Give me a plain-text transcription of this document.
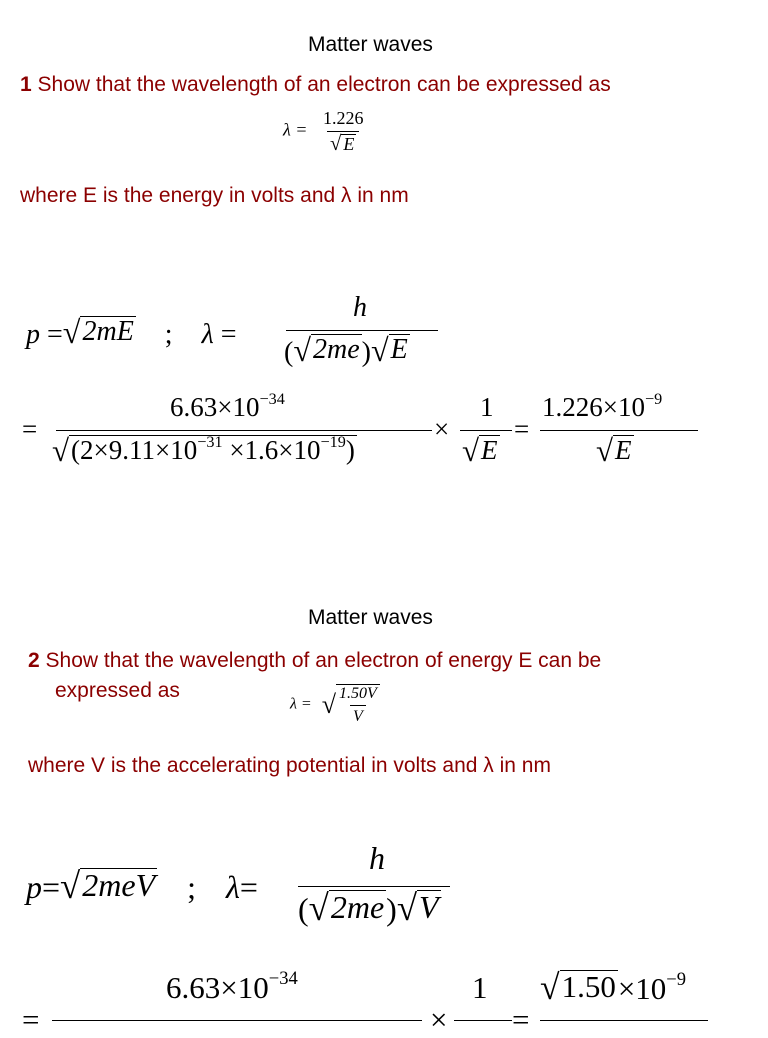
Matter waves
1 Show that the wavelength of an electron can be expressed as
$\lambda = \frac{1.226}{√ E}$
where E is the energy in volts and λ in nm
p = √ 2mE ; λ =
h
( √ 2me ) √ E
=
$6.63\times 10^{-34}$
√ $(2\times 9.11\times 10^{-31} \times 1.6\times 10^{-19})$
×
1
√ E
=
$1.226\times 10^{-9}$
√ E
Matter waves
2 Show that the wavelength of an electron of energy E can be
expressed as
λ = √ $\frac{1.50V}{V}$
where V is the accelerating potential in volts and λ in nm
p= √ 2meV ; λ=
h
( √ 2me ) √ V
$6.63\times 10^{-34}$
=	×
1
=
√ $1.50 \times 10^{-9}$
